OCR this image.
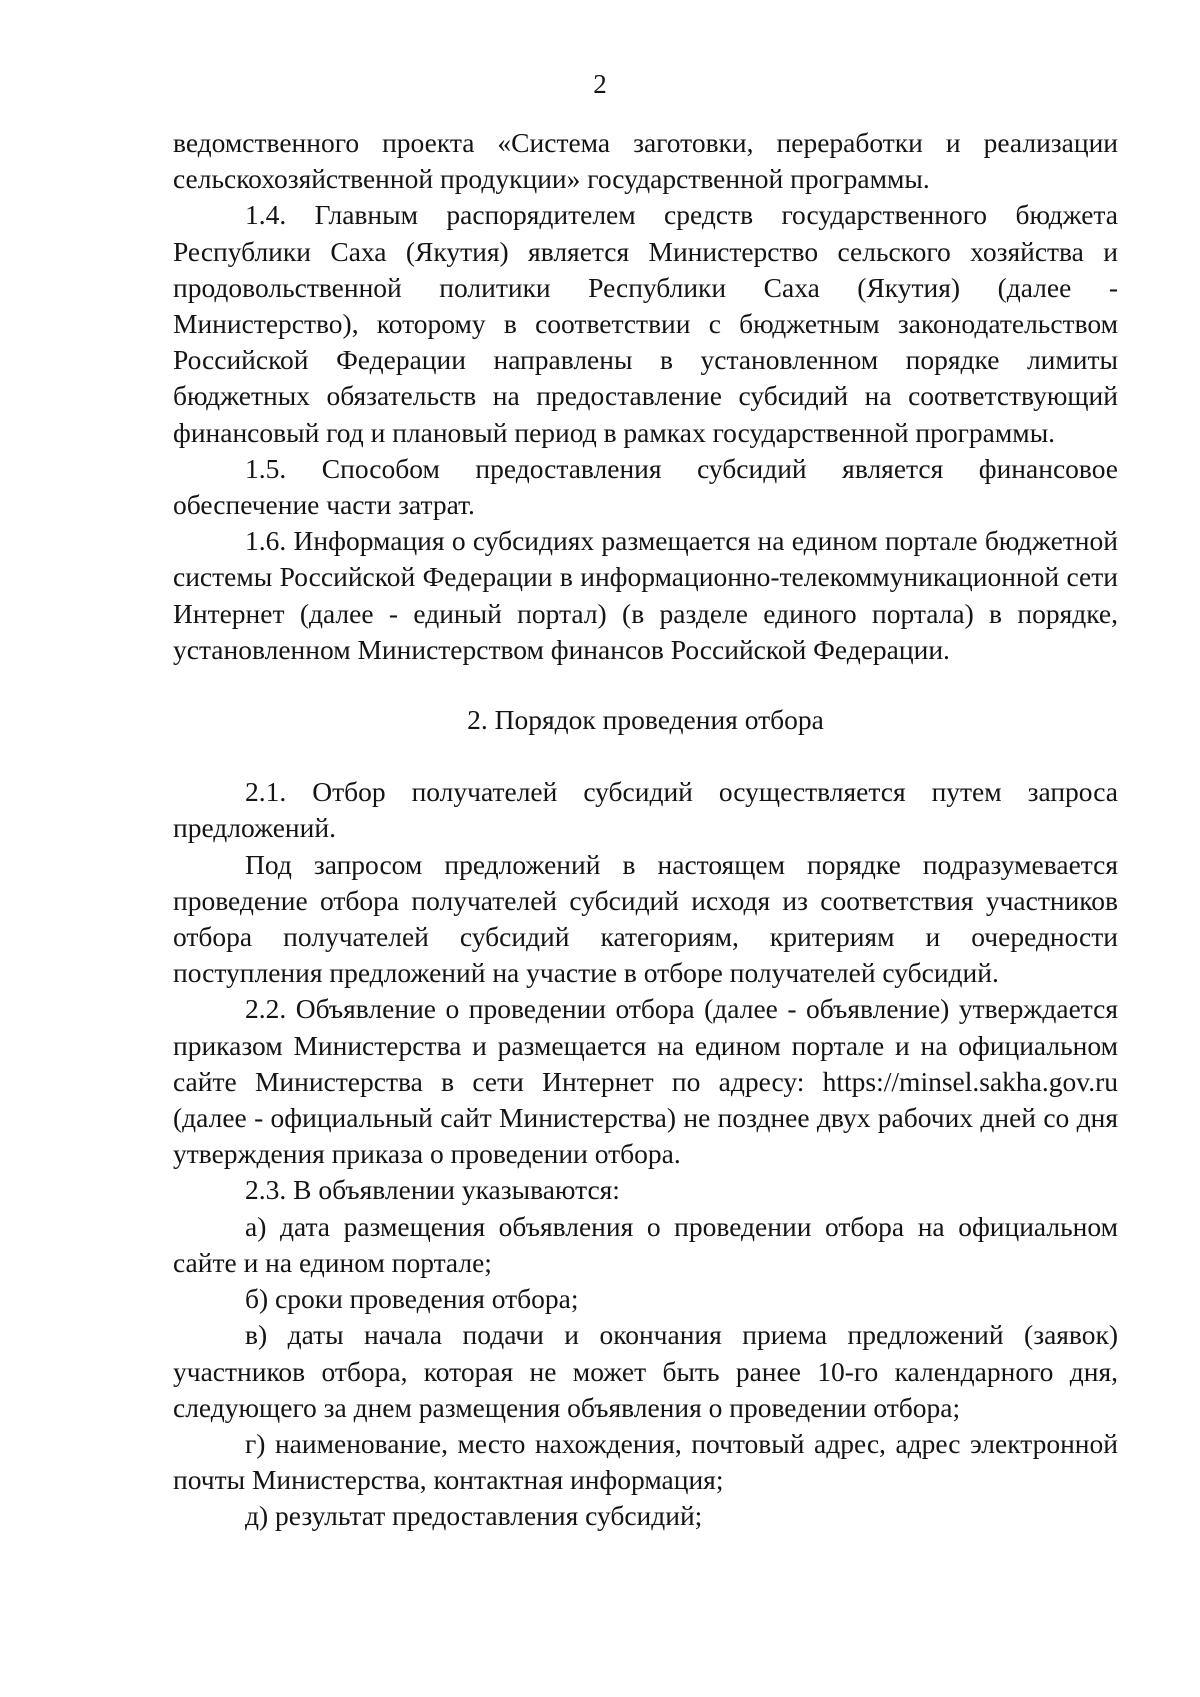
2

ведомственного проекта «Система заготовки, переработки и реализации сельскохозяйственной продукции» государственной программы.

1.4. Главным распорядителем средств государственного бюджета Республики Саха (Якутия) является Министерство сельского хозяйства и продовольственной политики Республики Саха (Якутия) (далее - Министерство), которому в соответствии с бюджетным законодательством Российской Федерации направлены в установленном порядке лимиты бюджетных обязательств на предоставление субсидий на соответствующий финансовый год и плановый период в рамках государственной программы.

1.5. Способом предоставления субсидий является финансовое обеспечение части затрат.

1.6. Информация о субсидиях размещается на едином портале бюджетной системы Российской Федерации в информационно-телекоммуникационной сети Интернет (далее - единый портал) (в разделе единого портала) в порядке, установленном Министерством финансов Российской Федерации.

2. Порядок проведения отбора

2.1. Отбор получателей субсидий осуществляется путем запроса предложений.

Под запросом предложений в настоящем порядке подразумевается проведение отбора получателей субсидий исходя из соответствия участников отбора получателей субсидий категориям, критериям и очередности поступления предложений на участие в отборе получателей субсидий.

2.2. Объявление о проведении отбора (далее - объявление) утверждается приказом Министерства и размещается на едином портале и на официальном сайте Министерства в сети Интернет по адресу: https://minsel.sakha.gov.ru (далее - официальный сайт Министерства) не позднее двух рабочих дней со дня утверждения приказа о проведении отбора.

2.3. В объявлении указываются:

а) дата размещения объявления о проведении отбора на официальном сайте и на едином портале;

б) сроки проведения отбора;

в) даты начала подачи и окончания приема предложений (заявок) участников отбора, которая не может быть ранее 10-го календарного дня, следующего за днем размещения объявления о проведении отбора;

г) наименование, место нахождения, почтовый адрес, адрес электронной почты Министерства, контактная информация;

д) результат предоставления субсидий;
